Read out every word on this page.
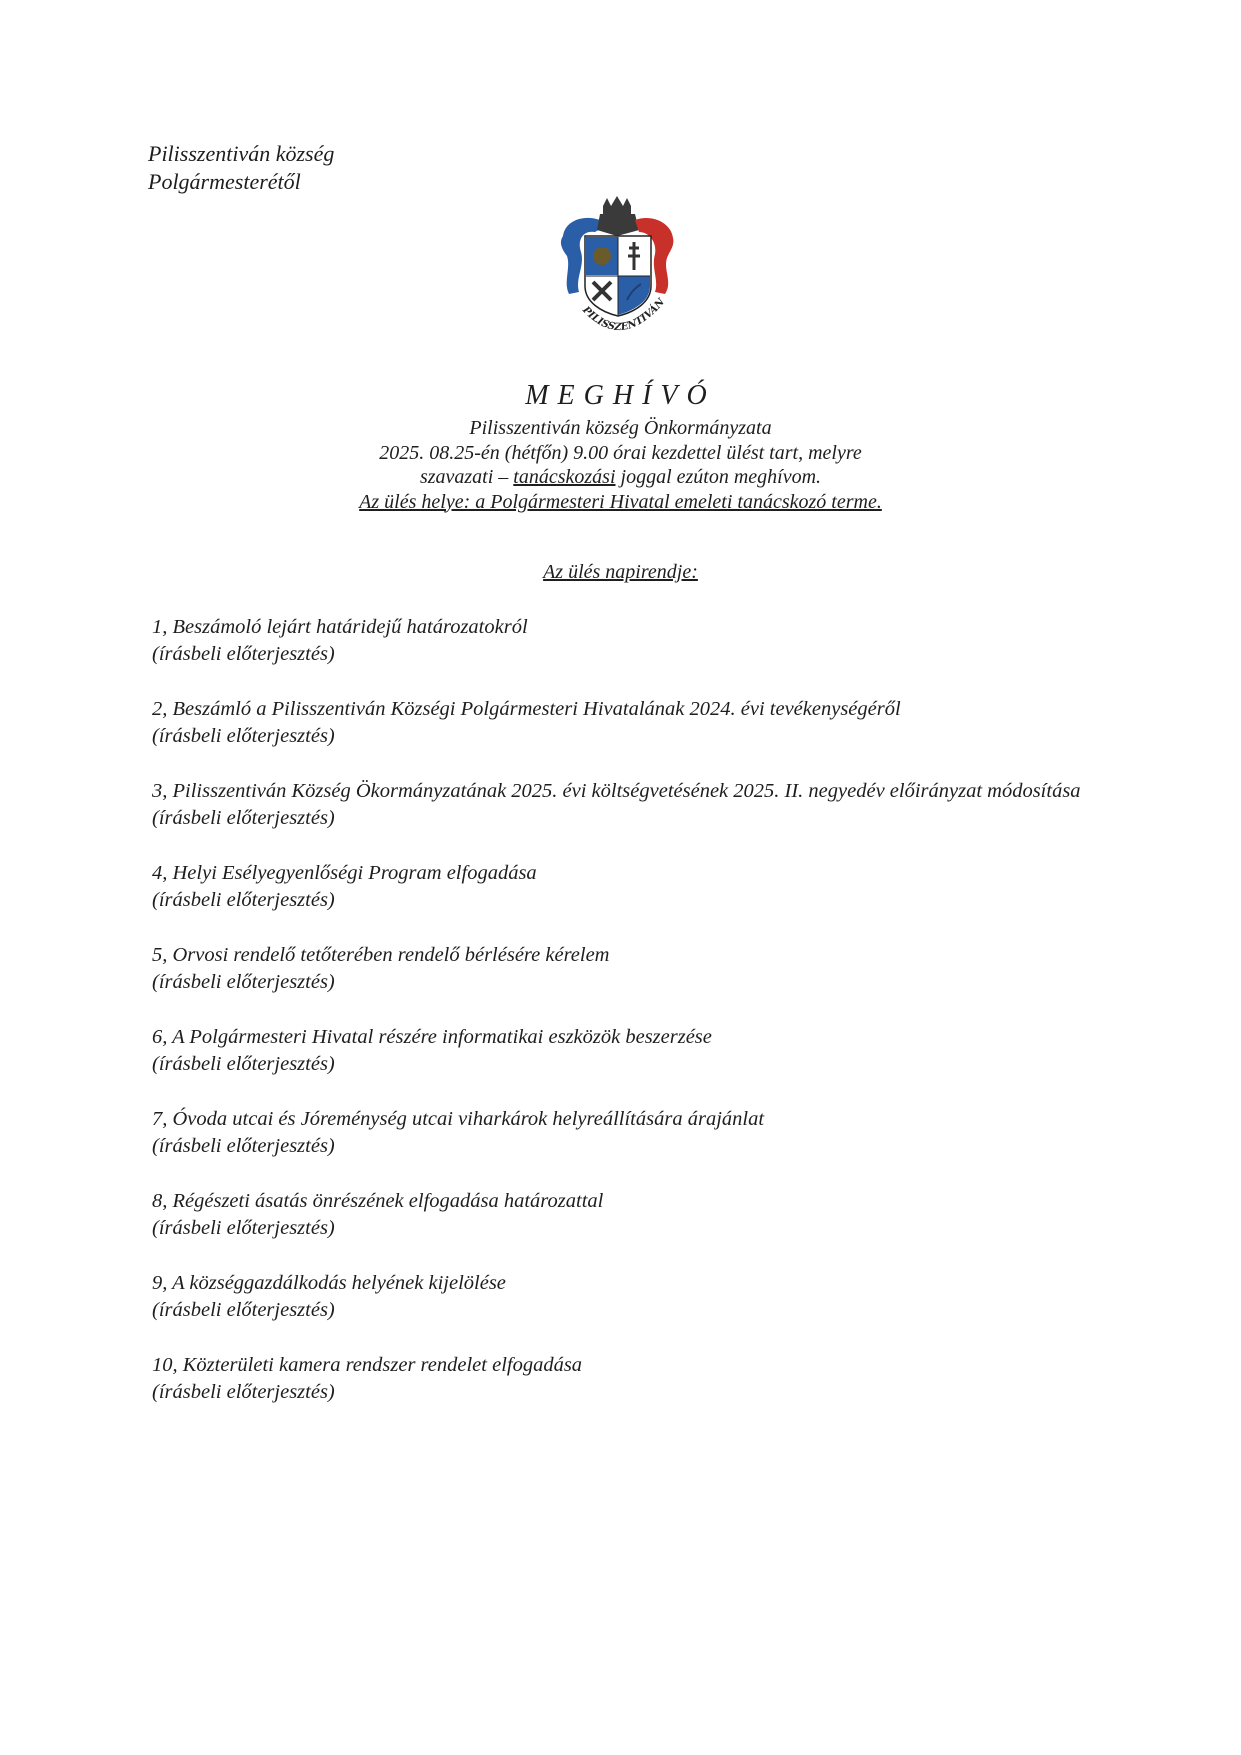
Pilisszentiván község
Polgármesterétől
PILISSZENTIVÁN
MEGHÍVÓ
Pilisszentiván község Önkormányzata
2025. 08.25-én (hétfőn) 9.00 órai kezdettel ülést tart, melyre
szavazati – tanácskozási joggal ezúton meghívom.
Az ülés helye: a Polgármesteri Hivatal emeleti tanácskozó terme.
Az ülés napirendje:
1, Beszámoló lejárt határidejű határozatokról
(írásbeli előterjesztés)
2, Beszámló a Pilisszentiván Községi Polgármesteri Hivatalának 2024. évi tevékenységéről
(írásbeli előterjesztés)
3, Pilisszentiván Község Ökormányzatának 2025. évi költségvetésének 2025. II. negyedév előirányzat módosítása
(írásbeli előterjesztés)
4, Helyi Esélyegyenlőségi Program elfogadása
(írásbeli előterjesztés)
5, Orvosi rendelő tetőterében rendelő bérlésére kérelem
(írásbeli előterjesztés)
6, A Polgármesteri Hivatal részére informatikai eszközök beszerzése
(írásbeli előterjesztés)
7, Óvoda utcai és Jóreménység utcai viharkárok helyreállítására árajánlat
(írásbeli előterjesztés)
8, Régészeti ásatás önrészének elfogadása határozattal
(írásbeli előterjesztés)
9, A községgazdálkodás helyének kijelölése
(írásbeli előterjesztés)
10, Közterületi kamera rendszer rendelet elfogadása
(írásbeli előterjesztés)
